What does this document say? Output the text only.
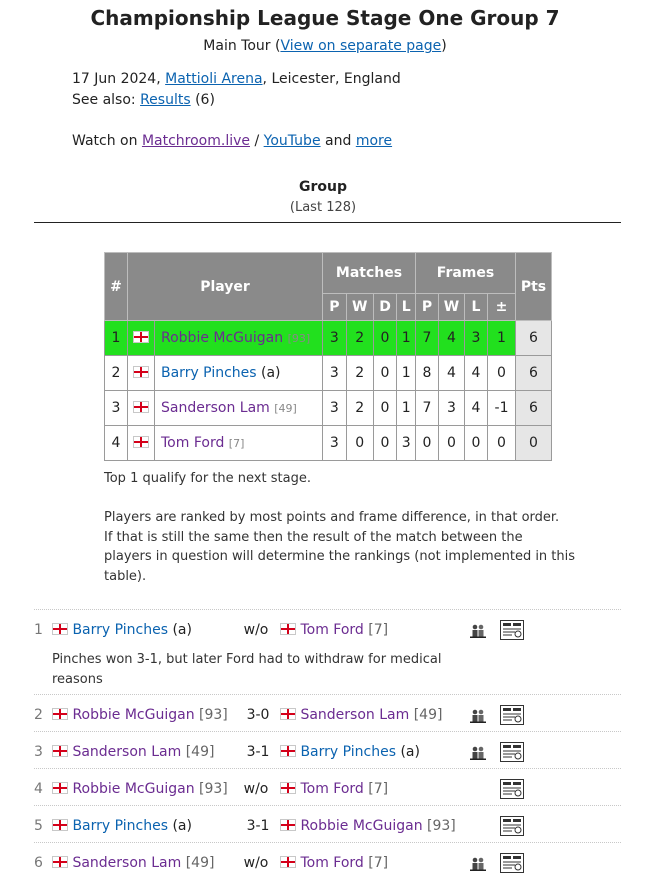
Championship League Stage One Group 7
Main Tour (View on separate page)
17 Jun 2024, Mattioli Arena, Leicester, England
See also: Results (6)
Watch on Matchroom.live / YouTube and more
Group
(Last 128)
#	Player		Matches				Frames				Pts
			P	W	D	L	P	W	L	±	
1		Robbie McGuigan [93]	3	2	0	1	7	4	3	1	6
2		Barry Pinches (a)	3	2	0	1	8	4	4	0	6
3		Sanderson Lam [49]	3	2	0	1	7	3	4	-1	6
4		Tom Ford [7]	3	0	0	3	0	0	0	0	0
Top 1 qualify for the next stage.
Players are ranked by most points and frame difference, in that order.
If that is still the same then the result of the match between the
players in question will determine the rankings (not implemented in this
table).
1	Barry Pinches (a)	w/o	Tom Ford [7]
Pinches won 3-1, but later Ford had to withdraw for medical
reasons
2	Robbie McGuigan [93]	3-0	Sanderson Lam [49]
3	Sanderson Lam [49]	3-1	Barry Pinches (a)
4	Robbie McGuigan [93]	w/o	Tom Ford [7]
5	Barry Pinches (a)	3-1	Robbie McGuigan [93]
6	Sanderson Lam [49]	w/o	Tom Ford [7]
